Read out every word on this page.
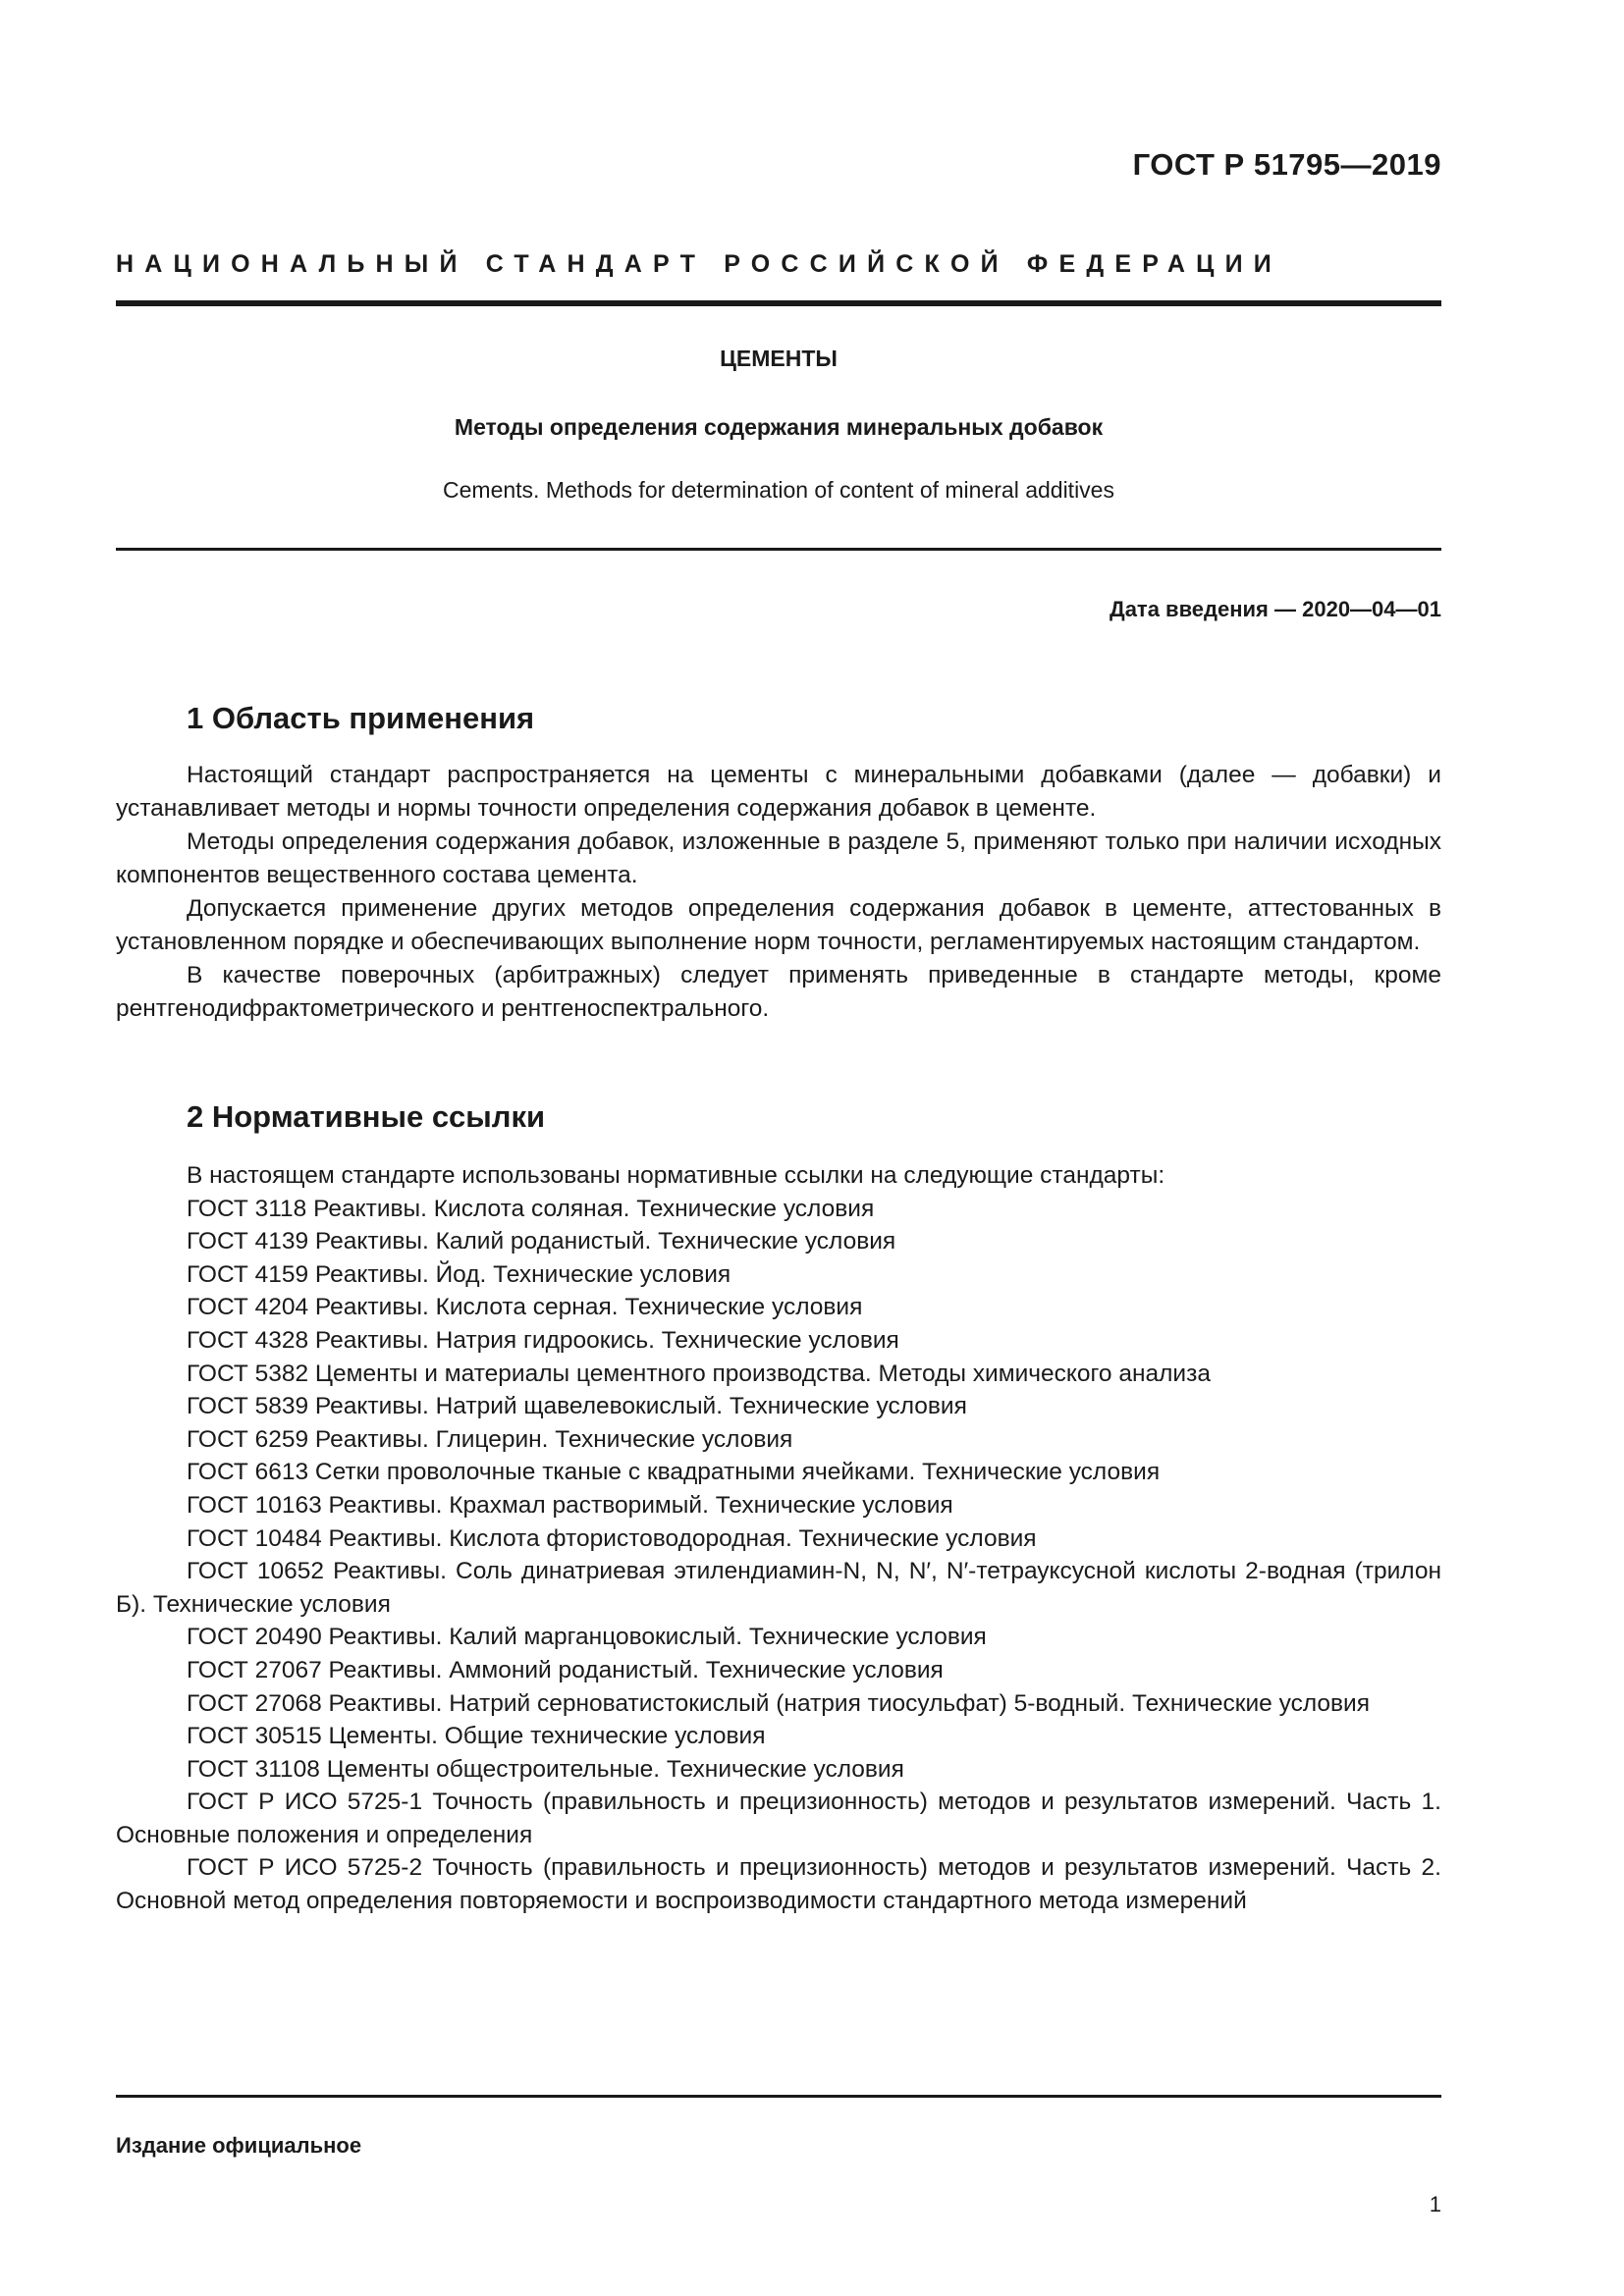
ГОСТ Р 51795—2019
НАЦИОНАЛЬНЫЙ СТАНДАРТ РОССИЙСКОЙ ФЕДЕРАЦИИ
ЦЕМЕНТЫ
Методы определения содержания минеральных добавок
Cements. Methods for determination of content of mineral additives
Дата введения — 2020—04—01
1 Область применения

Настоящий стандарт распространяется на цементы с минеральными добавками (далее — добавки) и устанавливает методы и нормы точности определения содержания добавок в цементе.

Методы определения содержания добавок, изложенные в разделе 5, применяют только при наличии исходных компонентов вещественного состава цемента.

Допускается применение других методов определения содержания добавок в цементе, аттестованных в установленном порядке и обеспечивающих выполнение норм точности, регламентируемых настоящим стандартом.

В качестве поверочных (арбитражных) следует применять приведенные в стандарте методы, кроме рентгенодифрактометрического и рентгеноспектрального.

2 Нормативные ссылки

В настоящем стандарте использованы нормативные ссылки на следующие стандарты:

ГОСТ 3118 Реактивы. Кислота соляная. Технические условия

ГОСТ 4139 Реактивы. Калий роданистый. Технические условия

ГОСТ 4159 Реактивы. Йод. Технические условия

ГОСТ 4204 Реактивы. Кислота серная. Технические условия

ГОСТ 4328 Реактивы. Натрия гидроокись. Технические условия

ГОСТ 5382 Цементы и материалы цементного производства. Методы химического анализа

ГОСТ 5839 Реактивы. Натрий щавелевокислый. Технические условия

ГОСТ 6259 Реактивы. Глицерин. Технические условия

ГОСТ 6613 Сетки проволочные тканые с квадратными ячейками. Технические условия

ГОСТ 10163 Реактивы. Крахмал растворимый. Технические условия

ГОСТ 10484 Реактивы. Кислота фтористоводородная. Технические условия

ГОСТ 10652 Реактивы. Соль динатриевая этилендиамин-N, N, N′, N′-тетрауксусной кислоты 2-водная (трилон Б). Технические условия

ГОСТ 20490 Реактивы. Калий марганцовокислый. Технические условия

ГОСТ 27067 Реактивы. Аммоний роданистый. Технические условия

ГОСТ 27068 Реактивы. Натрий серноватистокислый (натрия тиосульфат) 5-водный. Технические условия

ГОСТ 30515 Цементы. Общие технические условия

ГОСТ 31108 Цементы общестроительные. Технические условия

ГОСТ Р ИСО 5725-1 Точность (правильность и прецизионность) методов и результатов измерений. Часть 1. Основные положения и определения

ГОСТ Р ИСО 5725-2 Точность (правильность и прецизионность) методов и результатов измерений. Часть 2. Основной метод определения повторяемости и воспроизводимости стандартного метода измерений

Издание официальное
1
